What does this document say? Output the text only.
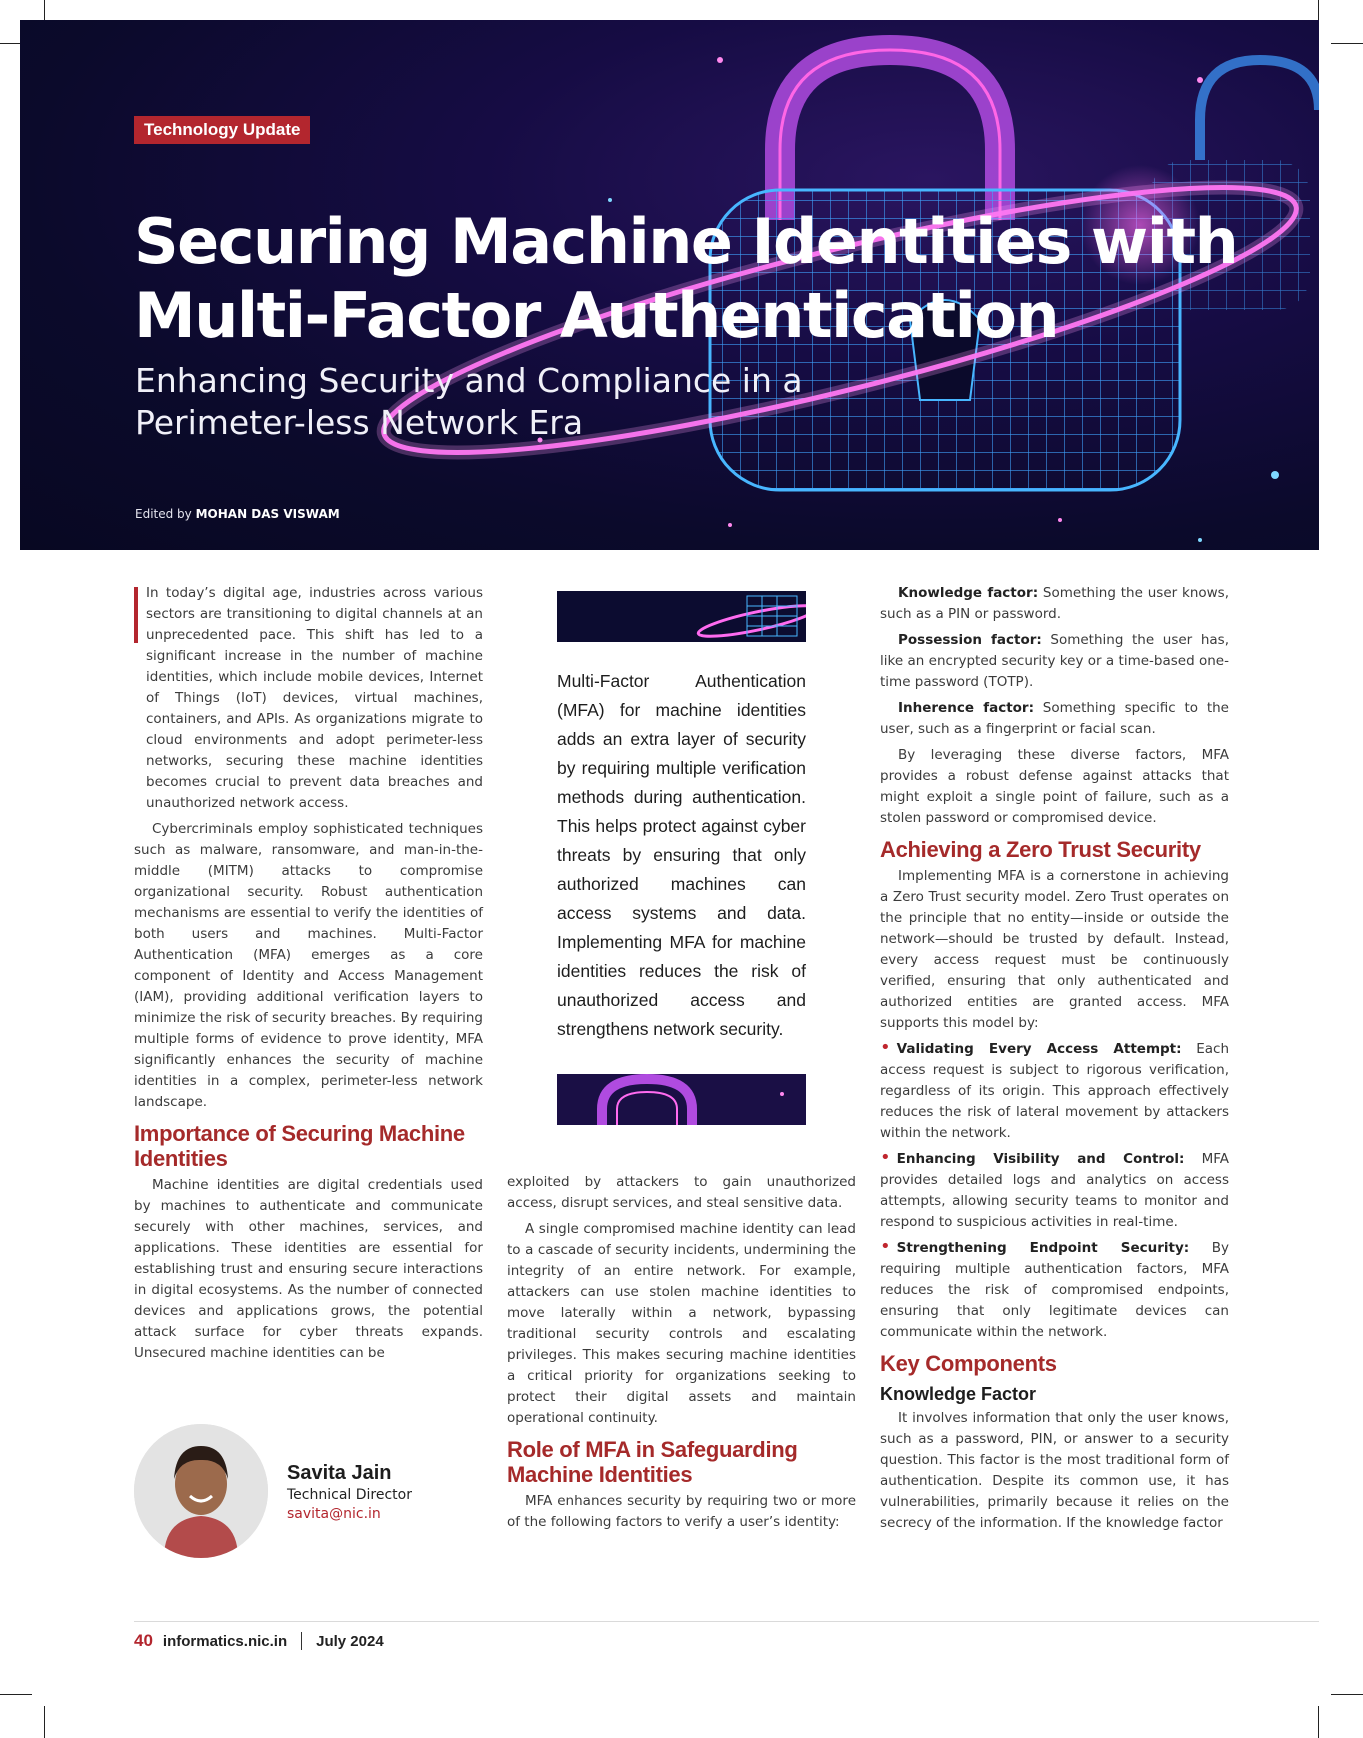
Technology Update
Securing Machine Identities with Multi-Factor Authentication
Enhancing Security and Compliance in a Perimeter-less Network Era
Edited by MOHAN DAS VISWAM

In today’s digital age, industries across various sectors are transitioning to digital channels at an unprecedented pace. This shift has led to a significant increase in the number of machine identities, which include mobile devices, Internet of Things (IoT) devices, virtual machines, containers, and APIs. As organizations migrate to cloud environments and adopt perimeter-less networks, securing these machine identities becomes crucial to prevent data breaches and unauthorized network access.

Cybercriminals employ sophisticated techniques such as malware, ransomware, and man-in-the-middle (MITM) attacks to compromise organizational security. Robust authentication mechanisms are essential to verify the identities of both users and machines. Multi-Factor Authentication (MFA) emerges as a core component of Identity and Access Management (IAM), providing additional verification layers to minimize the risk of security breaches. By requiring multiple forms of evidence to prove identity, MFA significantly enhances the security of machine identities in a complex, perimeter-less network landscape.

Importance of Securing Machine Identities

Machine identities are digital credentials used by machines to authenticate and communicate securely with other machines, services, and applications. These identities are essential for establishing trust and ensuring secure interactions in digital ecosystems. As the number of connected devices and applications grows, the potential attack surface for cyber threats expands. Unsecured machine identities can be

Multi-Factor Authentication (MFA) for machine identities adds an extra layer of security by requiring multiple verification methods during authentication. This helps protect against cyber threats by ensuring that only authorized machines can access systems and data. Implementing MFA for machine identities reduces the risk of unauthorized access and strengthens network security.

exploited by attackers to gain unauthorized access, disrupt services, and steal sensitive data.

A single compromised machine identity can lead to a cascade of security incidents, undermining the integrity of an entire network. For example, attackers can use stolen machine identities to move laterally within a network, bypassing traditional security controls and escalating privileges. This makes securing machine identities a critical priority for organizations seeking to protect their digital assets and maintain operational continuity.

Role of MFA in Safeguarding Machine Identities

MFA enhances security by requiring two or more of the following factors to verify a user’s identity:

Knowledge factor: Something the user knows, such as a PIN or password.

Possession factor: Something the user has, like an encrypted security key or a time-based one-time password (TOTP).

Inherence factor: Something specific to the user, such as a fingerprint or facial scan.

By leveraging these diverse factors, MFA provides a robust defense against attacks that might exploit a single point of failure, such as a stolen password or compromised device.

Achieving a Zero Trust Security

Implementing MFA is a cornerstone in achieving a Zero Trust security model. Zero Trust operates on the principle that no entity—inside or outside the network—should be trusted by default. Instead, every access request must be continuously verified, ensuring that only authenticated and authorized entities are granted access. MFA supports this model by:

• Validating Every Access Attempt: Each access request is subject to rigorous verification, regardless of its origin. This approach effectively reduces the risk of lateral movement by attackers within the network.

• Enhancing Visibility and Control: MFA provides detailed logs and analytics on access attempts, allowing security teams to monitor and respond to suspicious activities in real-time.

• Strengthening Endpoint Security: By requiring multiple authentication factors, MFA reduces the risk of compromised endpoints, ensuring that only legitimate devices can communicate within the network.

Key Components
Knowledge Factor

It involves information that only the user knows, such as a password, PIN, or answer to a security question. This factor is the most traditional form of authentication. Despite its common use, it has vulnerabilities, primarily because it relies on the secrecy of the information. If the knowledge factor

Savita Jain
Technical Director
savita@nic.in
40 informatics.nic.in July 2024
